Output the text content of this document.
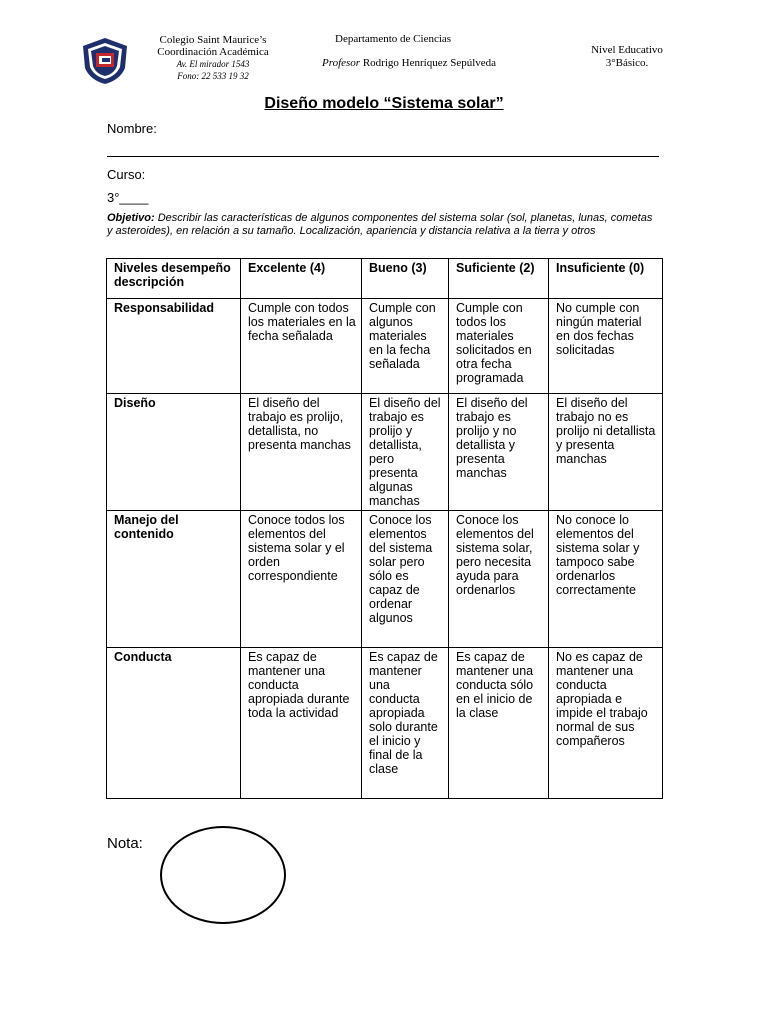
Colegio Saint Maurice’s
Coordinación Académica
Av. El mirador 1543
Fono: 22 533 19 32
Departamento de Ciencias
Profesor Rodrigo Henríquez Sepúlveda
Nivel Educativo
3°Básico.
Diseño modelo “Sistema solar”
Nombre:
Curso:
3°____
Objetivo: Describir las características de algunos componentes del sistema solar (sol, planetas, lunas, cometas y asteroides), en relación a su tamaño. Localización, apariencia y distancia relativa a la tierra y otros
Niveles desempeño descripción	Excelente (4)	Bueno (3)	Suficiente (2)	Insuficiente (0)
Responsabilidad	Cumple con todos los materiales en la fecha señalada	Cumple con algunos materiales en la fecha señalada	Cumple con todos los materiales solicitados en otra fecha programada	No cumple con ningún material en dos fechas solicitadas
Diseño	El diseño del trabajo es prolijo, detallista, no presenta manchas	El diseño del trabajo es prolijo y detallista, pero presenta algunas manchas	El diseño del trabajo es prolijo y no detallista y presenta manchas	El diseño del trabajo no es prolijo ni detallista y presenta manchas
Manejo del contenido	Conoce todos los elementos del sistema solar y el orden correspondiente	Conoce los elementos del sistema solar pero sólo es capaz de ordenar algunos	Conoce los elementos del sistema solar, pero necesita ayuda para ordenarlos	No conoce lo elementos del sistema solar y tampoco sabe ordenarlos correctamente
Conducta	Es capaz de mantener una conducta apropiada durante toda la actividad	Es capaz de mantener una conducta apropiada solo durante el inicio y final de la clase	Es capaz de mantener una conducta sólo en el inicio de la clase	No es capaz de mantener una conducta apropiada e impide el trabajo normal de sus compañeros
Nota:
